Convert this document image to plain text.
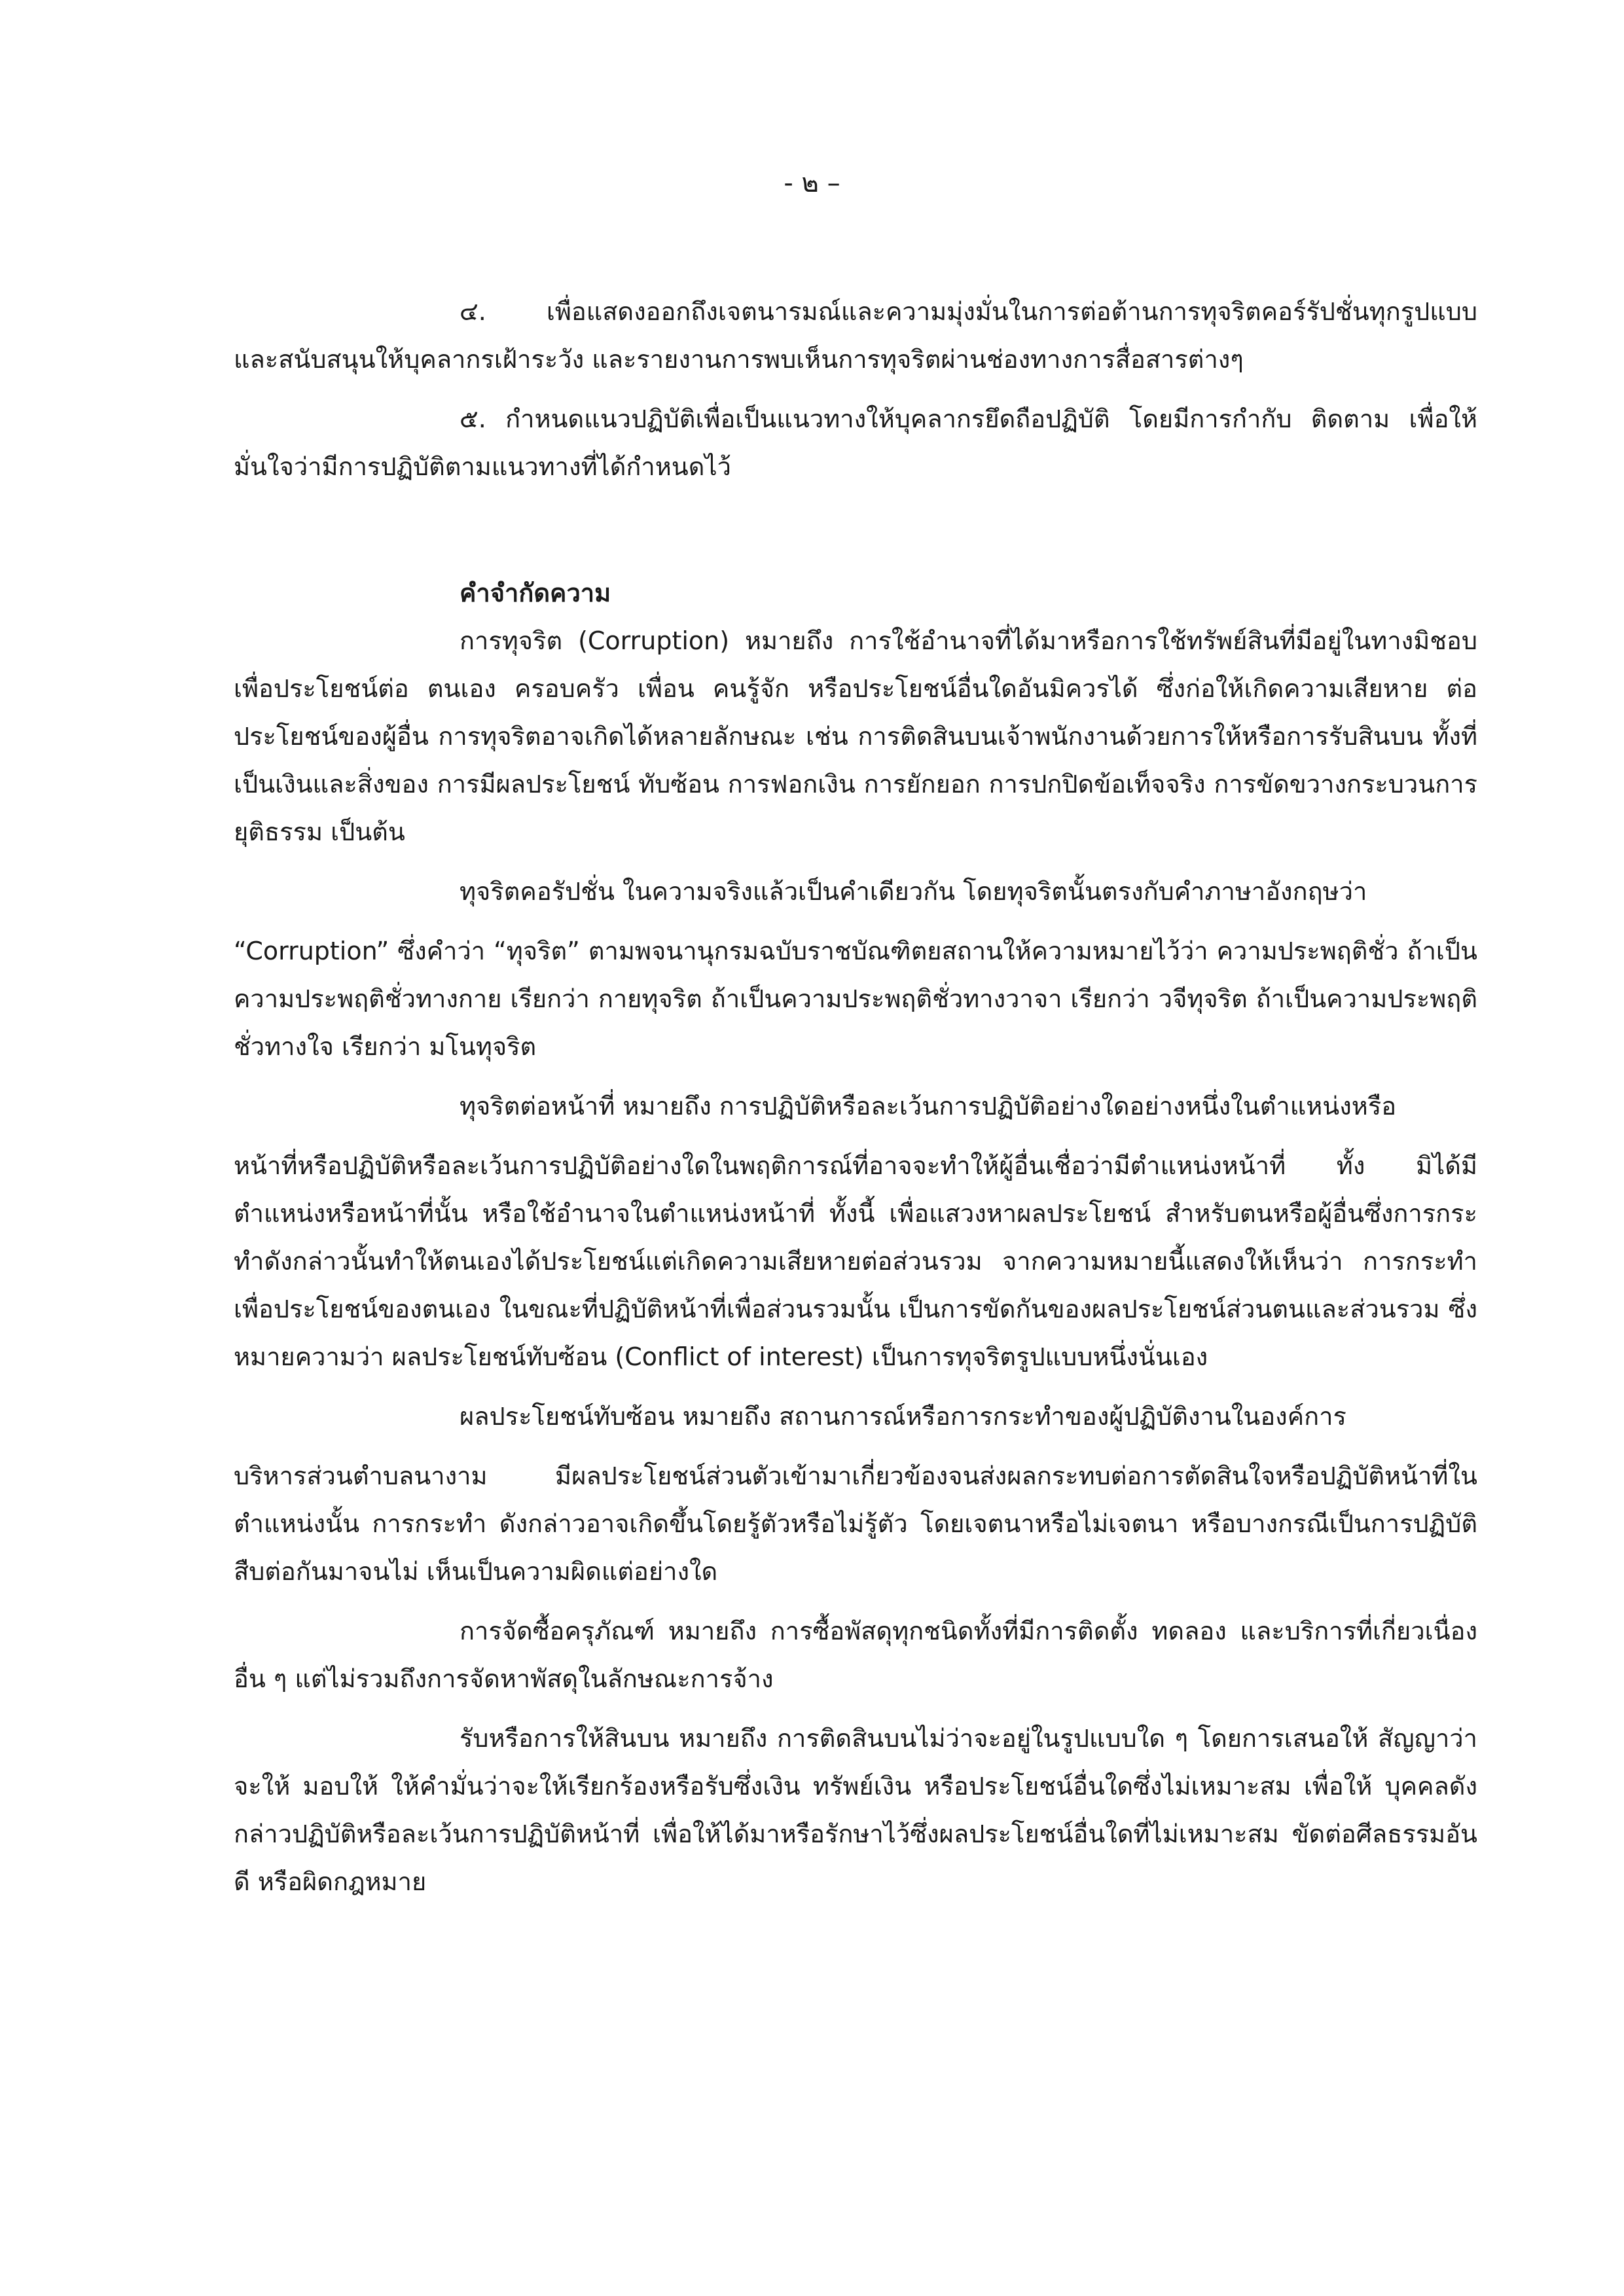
- ๒ –

๔. เพื่อแสดงออกถึงเจตนารมณ์และความมุ่งมั่นในการต่อต้านการทุจริตคอร์รัปชั่นทุกรูปแบบ และสนับสนุนให้บุคลากรเฝ้าระวัง และรายงานการพบเห็นการทุจริตผ่านช่องทางการสื่อสารต่างๆ

๕. กำหนดแนวปฏิบัติเพื่อเป็นแนวทางให้บุคลากรยึดถือปฏิบัติ โดยมีการกำกับ ติดตาม เพื่อให้มั่นใจว่ามีการปฏิบัติตามแนวทางที่ได้กำหนดไว้

คำจำกัดความ

การทุจริต (Corruption) หมายถึง การใช้อำนาจที่ได้มาหรือการใช้ทรัพย์สินที่มีอยู่ในทางมิชอบ เพื่อประโยชน์ต่อ ตนเอง ครอบครัว เพื่อน คนรู้จัก หรือประโยชน์อื่นใดอันมิควรได้ ซึ่งก่อให้เกิดความเสียหาย ต่อประโยชน์ของผู้อื่น การทุจริตอาจเกิดได้หลายลักษณะ เช่น การติดสินบนเจ้าพนักงานด้วยการให้หรือการรับสินบน ทั้งที่เป็นเงินและสิ่งของ การมีผลประโยชน์ ทับซ้อน การฟอกเงิน การยักยอก การปกปิดข้อเท็จจริง การขัดขวางกระบวนการยุติธรรม เป็นต้น

ทุจริตคอรัปชั่น ในความจริงแล้วเป็นคำเดียวกัน โดยทุจริตนั้นตรงกับคำภาษาอังกฤษว่า

“Corruption” ซึ่งคำว่า “ทุจริต” ตามพจนานุกรมฉบับราชบัณฑิตยสถานให้ความหมายไว้ว่า ความประพฤติชั่ว ถ้าเป็นความประพฤติชั่วทางกาย เรียกว่า กายทุจริต ถ้าเป็นความประพฤติชั่วทางวาจา เรียกว่า วจีทุจริต ถ้าเป็นความประพฤติชั่วทางใจ เรียกว่า มโนทุจริต

ทุจริตต่อหน้าที่ หมายถึง การปฏิบัติหรือละเว้นการปฏิบัติอย่างใดอย่างหนึ่งในตำแหน่งหรือ

หน้าที่หรือปฏิบัติหรือละเว้นการปฏิบัติอย่างใดในพฤติการณ์ที่อาจจะทำให้ผู้อื่นเชื่อว่ามีตำแหน่งหน้าที่ ทั้ง มิได้มีตำแหน่งหรือหน้าที่นั้น หรือใช้อำนาจในตำแหน่งหน้าที่ ทั้งนี้ เพื่อแสวงหาผลประโยชน์ สำหรับตนหรือผู้อื่นซึ่งการกระทำดังกล่าวนั้นทำให้ตนเองได้ประโยชน์แต่เกิดความเสียหายต่อส่วนรวม จากความหมายนี้แสดงให้เห็นว่า การกระทำเพื่อประโยชน์ของตนเอง ในขณะที่ปฏิบัติหน้าที่เพื่อส่วนรวมนั้น เป็นการขัดกันของผลประโยชน์ส่วนตนและส่วนรวม ซึ่งหมายความว่า ผลประโยชน์ทับซ้อน (Conflict of interest) เป็นการทุจริตรูปแบบหนึ่งนั่นเอง

ผลประโยชน์ทับซ้อน หมายถึง สถานการณ์หรือการกระทำของผู้ปฏิบัติงานในองค์การ

บริหารส่วนตำบลนางาม มีผลประโยชน์ส่วนตัวเข้ามาเกี่ยวข้องจนส่งผลกระทบต่อการตัดสินใจหรือปฏิบัติหน้าที่ในตำแหน่งนั้น การกระทำ ดังกล่าวอาจเกิดขึ้นโดยรู้ตัวหรือไม่รู้ตัว โดยเจตนาหรือไม่เจตนา หรือบางกรณีเป็นการปฏิบัติสืบต่อกันมาจนไม่ เห็นเป็นความผิดแต่อย่างใด

การจัดซื้อครุภัณฑ์ หมายถึง การซื้อพัสดุทุกชนิดทั้งที่มีการติดตั้ง ทดลอง และบริการที่เกี่ยวเนื่องอื่น ๆ แต่ไม่รวมถึงการจัดหาพัสดุในลักษณะการจ้าง

รับหรือการให้สินบน หมายถึง การติดสินบนไม่ว่าจะอยู่ในรูปแบบใด ๆ โดยการเสนอให้ สัญญาว่า จะให้ มอบให้ ให้คำมั่นว่าจะให้เรียกร้องหรือรับซึ่งเงิน ทรัพย์เงิน หรือประโยชน์อื่นใดซึ่งไม่เหมาะสม เพื่อให้ บุคคลดังกล่าวปฏิบัติหรือละเว้นการปฏิบัติหน้าที่ เพื่อให้ได้มาหรือรักษาไว้ซึ่งผลประโยชน์อื่นใดที่ไม่เหมาะสม ขัดต่อศีลธรรมอันดี หรือผิดกฎหมาย
